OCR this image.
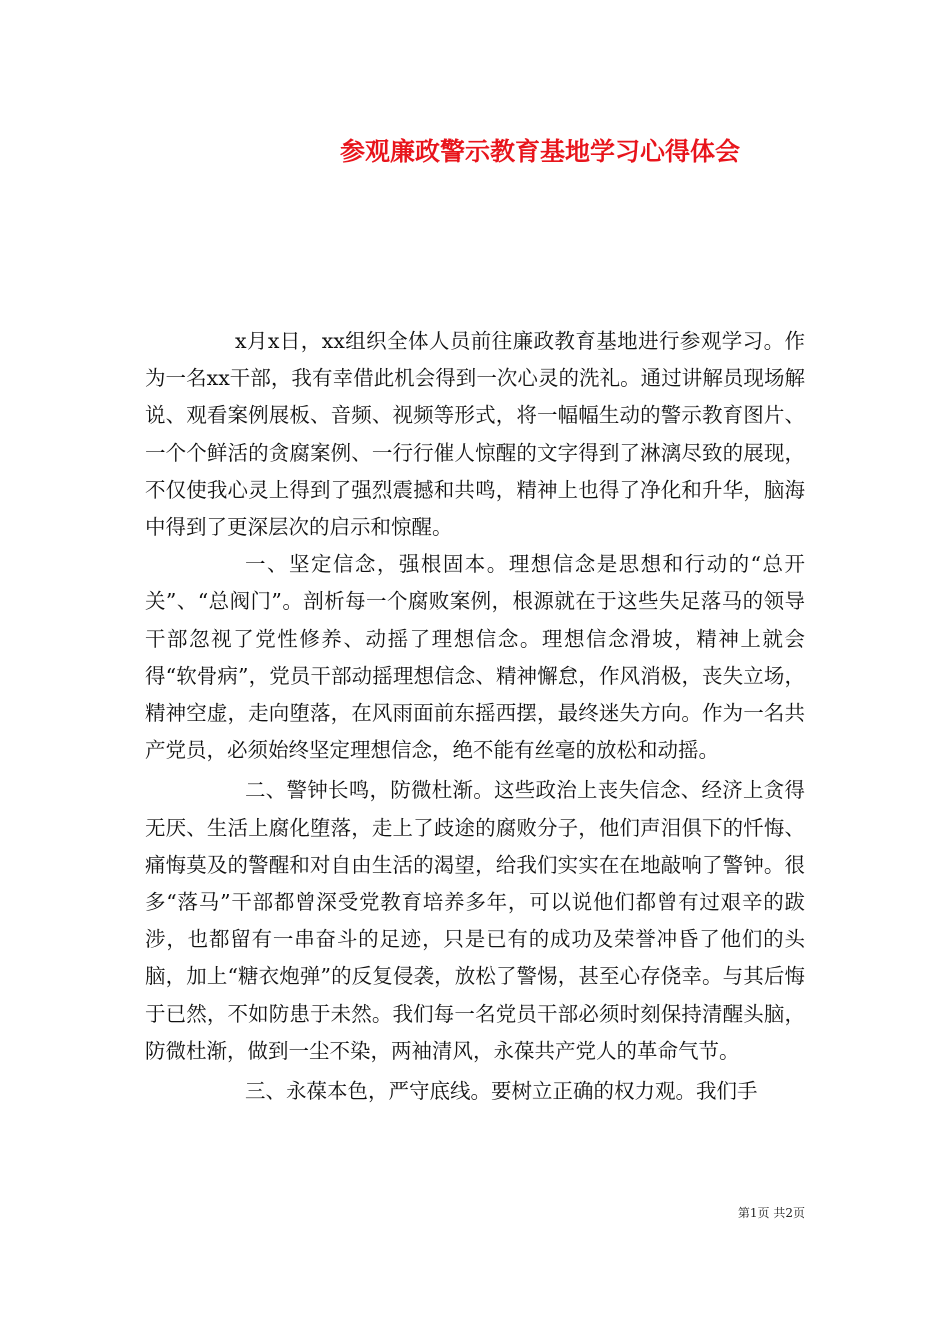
参观廉政警示教育基地学习心得体会

x月x日，xx组织全体人员前往廉政教育基地进行参观学习。作为一名xx干部，我有幸借此机会得到一次心灵的洗礼。通过讲解员现场解说、观看案例展板、音频、视频等形式，将一幅幅生动的警示教育图片、一个个鲜活的贪腐案例、一行行催人惊醒的文字得到了淋漓尽致的展现，不仅使我心灵上得到了强烈震撼和共鸣，精神上也得了净化和升华，脑海中得到了更深层次的启示和惊醒。

一、坚定信念，强根固本。理想信念是思想和行动的“总开关”、“总阀门”。剖析每一个腐败案例，根源就在于这些失足落马的领导干部忽视了党性修养、动摇了理想信念。理想信念滑坡，精神上就会得“软骨病”，党员干部动摇理想信念、精神懈怠，作风消极，丧失立场，精神空虚，走向堕落，在风雨面前东摇西摆，最终迷失方向。作为一名共产党员，必须始终坚定理想信念，绝不能有丝毫的放松和动摇。

二、警钟长鸣，防微杜渐。这些政治上丧失信念、经济上贪得无厌、生活上腐化堕落，走上了歧途的腐败分子，他们声泪俱下的忏悔、痛悔莫及的警醒和对自由生活的渴望，给我们实实在在地敲响了警钟。很多“落马”干部都曾深受党教育培养多年，可以说他们都曾有过艰辛的跋涉，也都留有一串奋斗的足迹，只是已有的成功及荣誉冲昏了他们的头脑，加上“糖衣炮弹”的反复侵袭，放松了警惕，甚至心存侥幸。与其后悔于已然，不如防患于未然。我们每一名党员干部必须时刻保持清醒头脑，防微杜渐，做到一尘不染，两袖清风，永葆共产党人的革命气节。

三、永葆本色，严守底线。要树立正确的权力观。我们手

第1页 共2页
